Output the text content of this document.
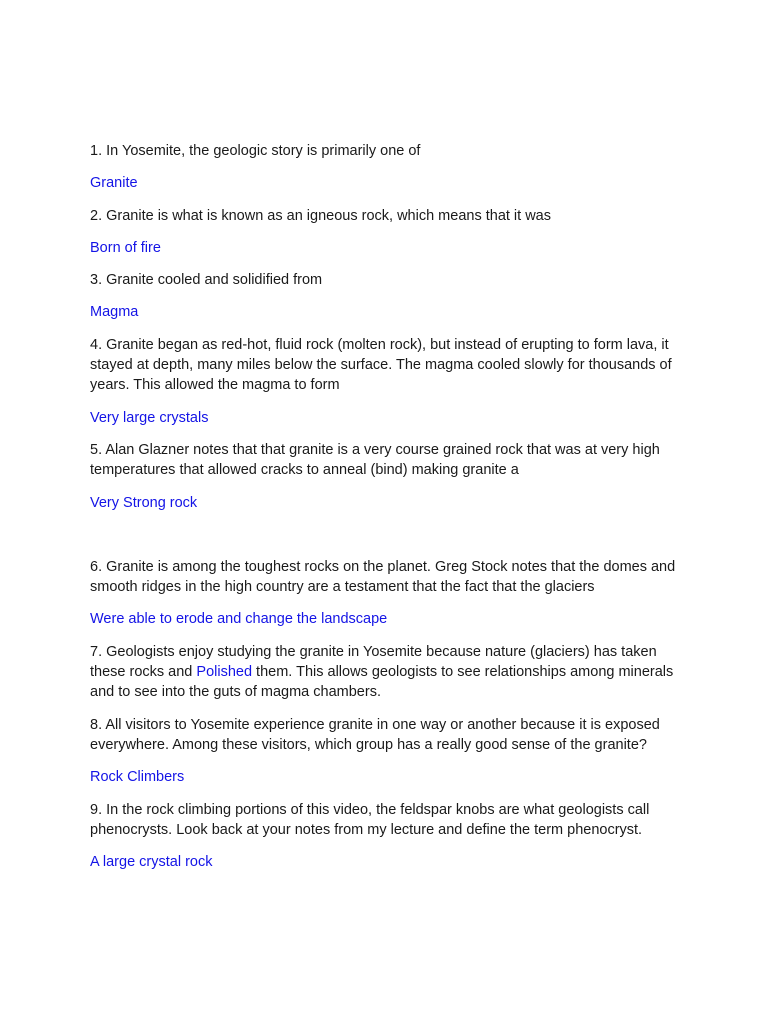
1. In Yosemite, the geologic story is primarily one of

Granite

2. Granite is what is known as an igneous rock, which means that it was

Born of fire

3. Granite cooled and solidified from

Magma

4. Granite began as red-hot, fluid rock (molten rock), but instead of erupting to form lava, it stayed at depth, many miles below the surface. The magma cooled slowly for thousands of years. This allowed the magma to form

Very large crystals

5. Alan Glazner notes that that granite is a very course grained rock that was at very high temperatures that allowed cracks to anneal (bind) making granite a

Very Strong rock

6. Granite is among the toughest rocks on the planet. Greg Stock notes that the domes and smooth ridges in the high country are a testament that the fact that the glaciers

Were able to erode and change the landscape

7. Geologists enjoy studying the granite in Yosemite because nature (glaciers) has taken these rocks and Polished them. This allows geologists to see relationships among minerals and to see into the guts of magma chambers.

8. All visitors to Yosemite experience granite in one way or another because it is exposed everywhere. Among these visitors, which group has a really good sense of the granite?

Rock Climbers

9. In the rock climbing portions of this video, the feldspar knobs are what geologists call phenocrysts. Look back at your notes from my lecture and define the term phenocryst.

A large crystal rock
